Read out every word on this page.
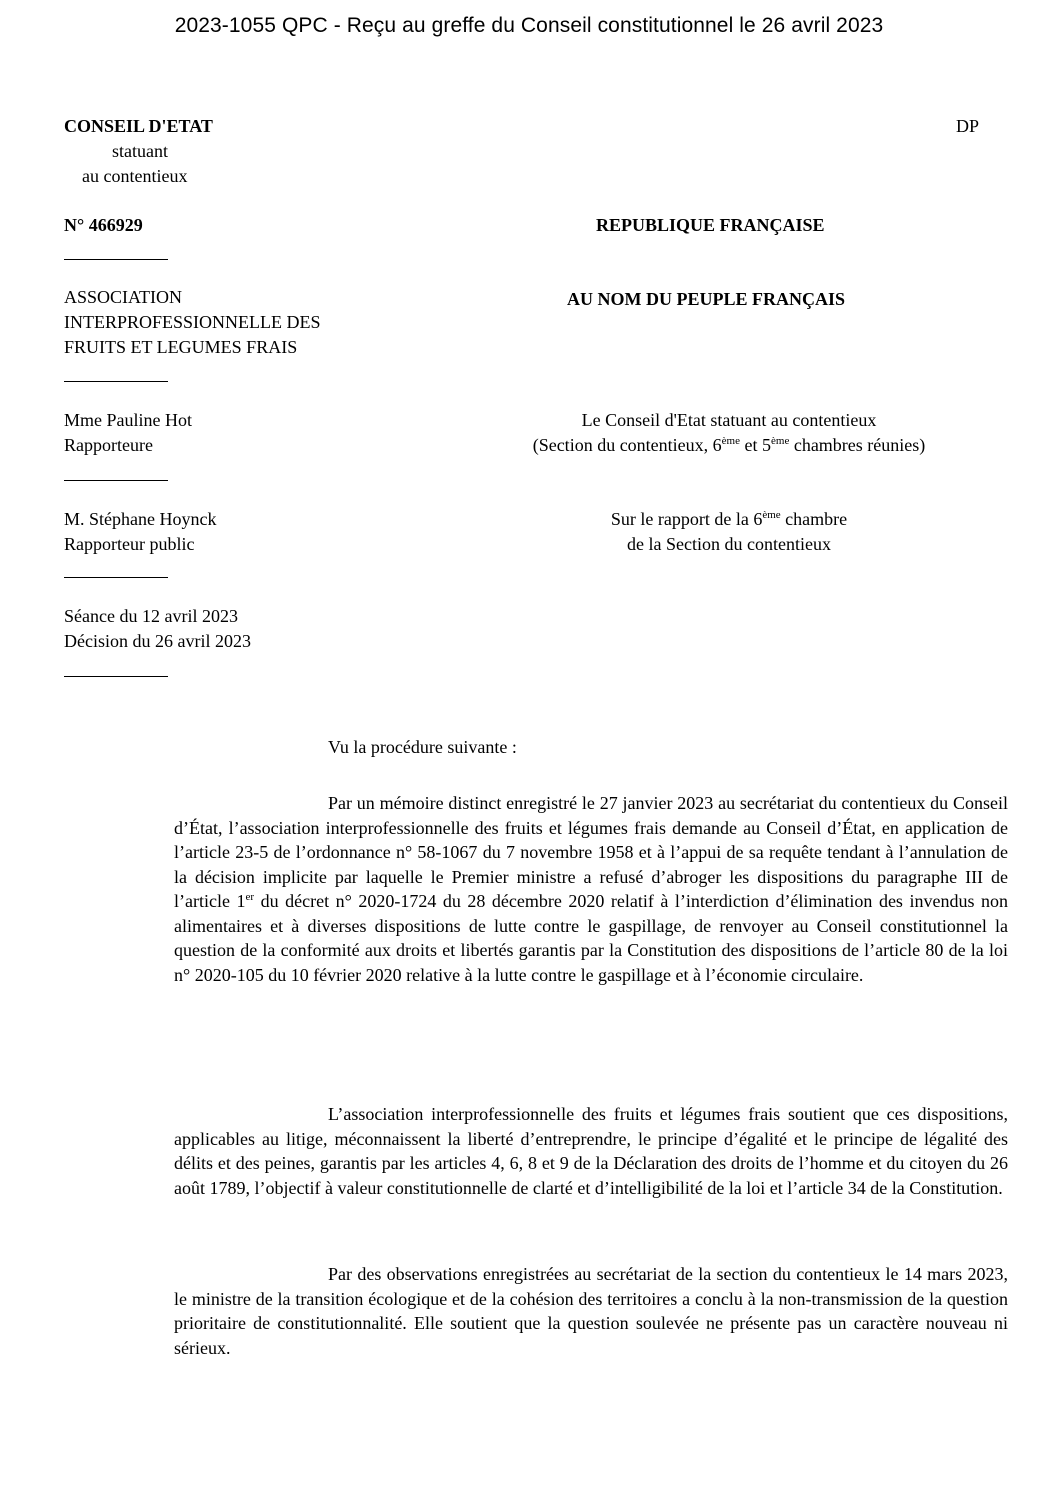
2023-1055 QPC - Reçu au greffe du Conseil constitutionnel le 26 avril 2023
CONSEIL D'ETAT
statuant
au contentieux
DP
N° 466929	REPUBLIQUE FRANÇAISE
ASSOCIATION
INTERPROFESSIONNELLE DES
FRUITS ET LEGUMES FRAIS
AU NOM DU PEUPLE FRANÇAIS
Mme Pauline Hot
Rapporteure
Le Conseil d'Etat statuant au contentieux
(Section du contentieux, 6ème et 5ème chambres réunies)
M. Stéphane Hoynck
Rapporteur public
Sur le rapport de la 6ème chambre
de la Section du contentieux
Séance du 12 avril 2023
Décision du 26 avril 2023
Vu la procédure suivante :
Par un mémoire distinct enregistré le 27 janvier 2023 au secrétariat du contentieux du Conseil d’État, l’association interprofessionnelle des fruits et légumes frais demande au Conseil d’État, en application de l’article 23-5 de l’ordonnance n° 58-1067 du 7 novembre 1958 et à l’appui de sa requête tendant à l’annulation de la décision implicite par laquelle le Premier ministre a refusé d’abroger les dispositions du paragraphe III de l’article 1er du décret n° 2020-1724 du 28 décembre 2020 relatif à l’interdiction d’élimination des invendus non alimentaires et à diverses dispositions de lutte contre le gaspillage, de renvoyer au Conseil constitutionnel la question de la conformité aux droits et libertés garantis par la Constitution des dispositions de l’article 80 de la loi n° 2020-105 du 10 février 2020 relative à la lutte contre le gaspillage et à l’économie circulaire.
L’association interprofessionnelle des fruits et légumes frais soutient que ces dispositions, applicables au litige, méconnaissent la liberté d’entreprendre, le principe d’égalité et le principe de légalité des délits et des peines, garantis par les articles 4, 6, 8 et 9 de la Déclaration des droits de l’homme et du citoyen du 26 août 1789, l’objectif à valeur constitutionnelle de clarté et d’intelligibilité de la loi et l’article 34 de la Constitution.
Par des observations enregistrées au secrétariat de la section du contentieux le 14 mars 2023, le ministre de la transition écologique et de la cohésion des territoires a conclu à la non-transmission de la question prioritaire de constitutionnalité. Elle soutient que la question soulevée ne présente pas un caractère nouveau ni sérieux.
